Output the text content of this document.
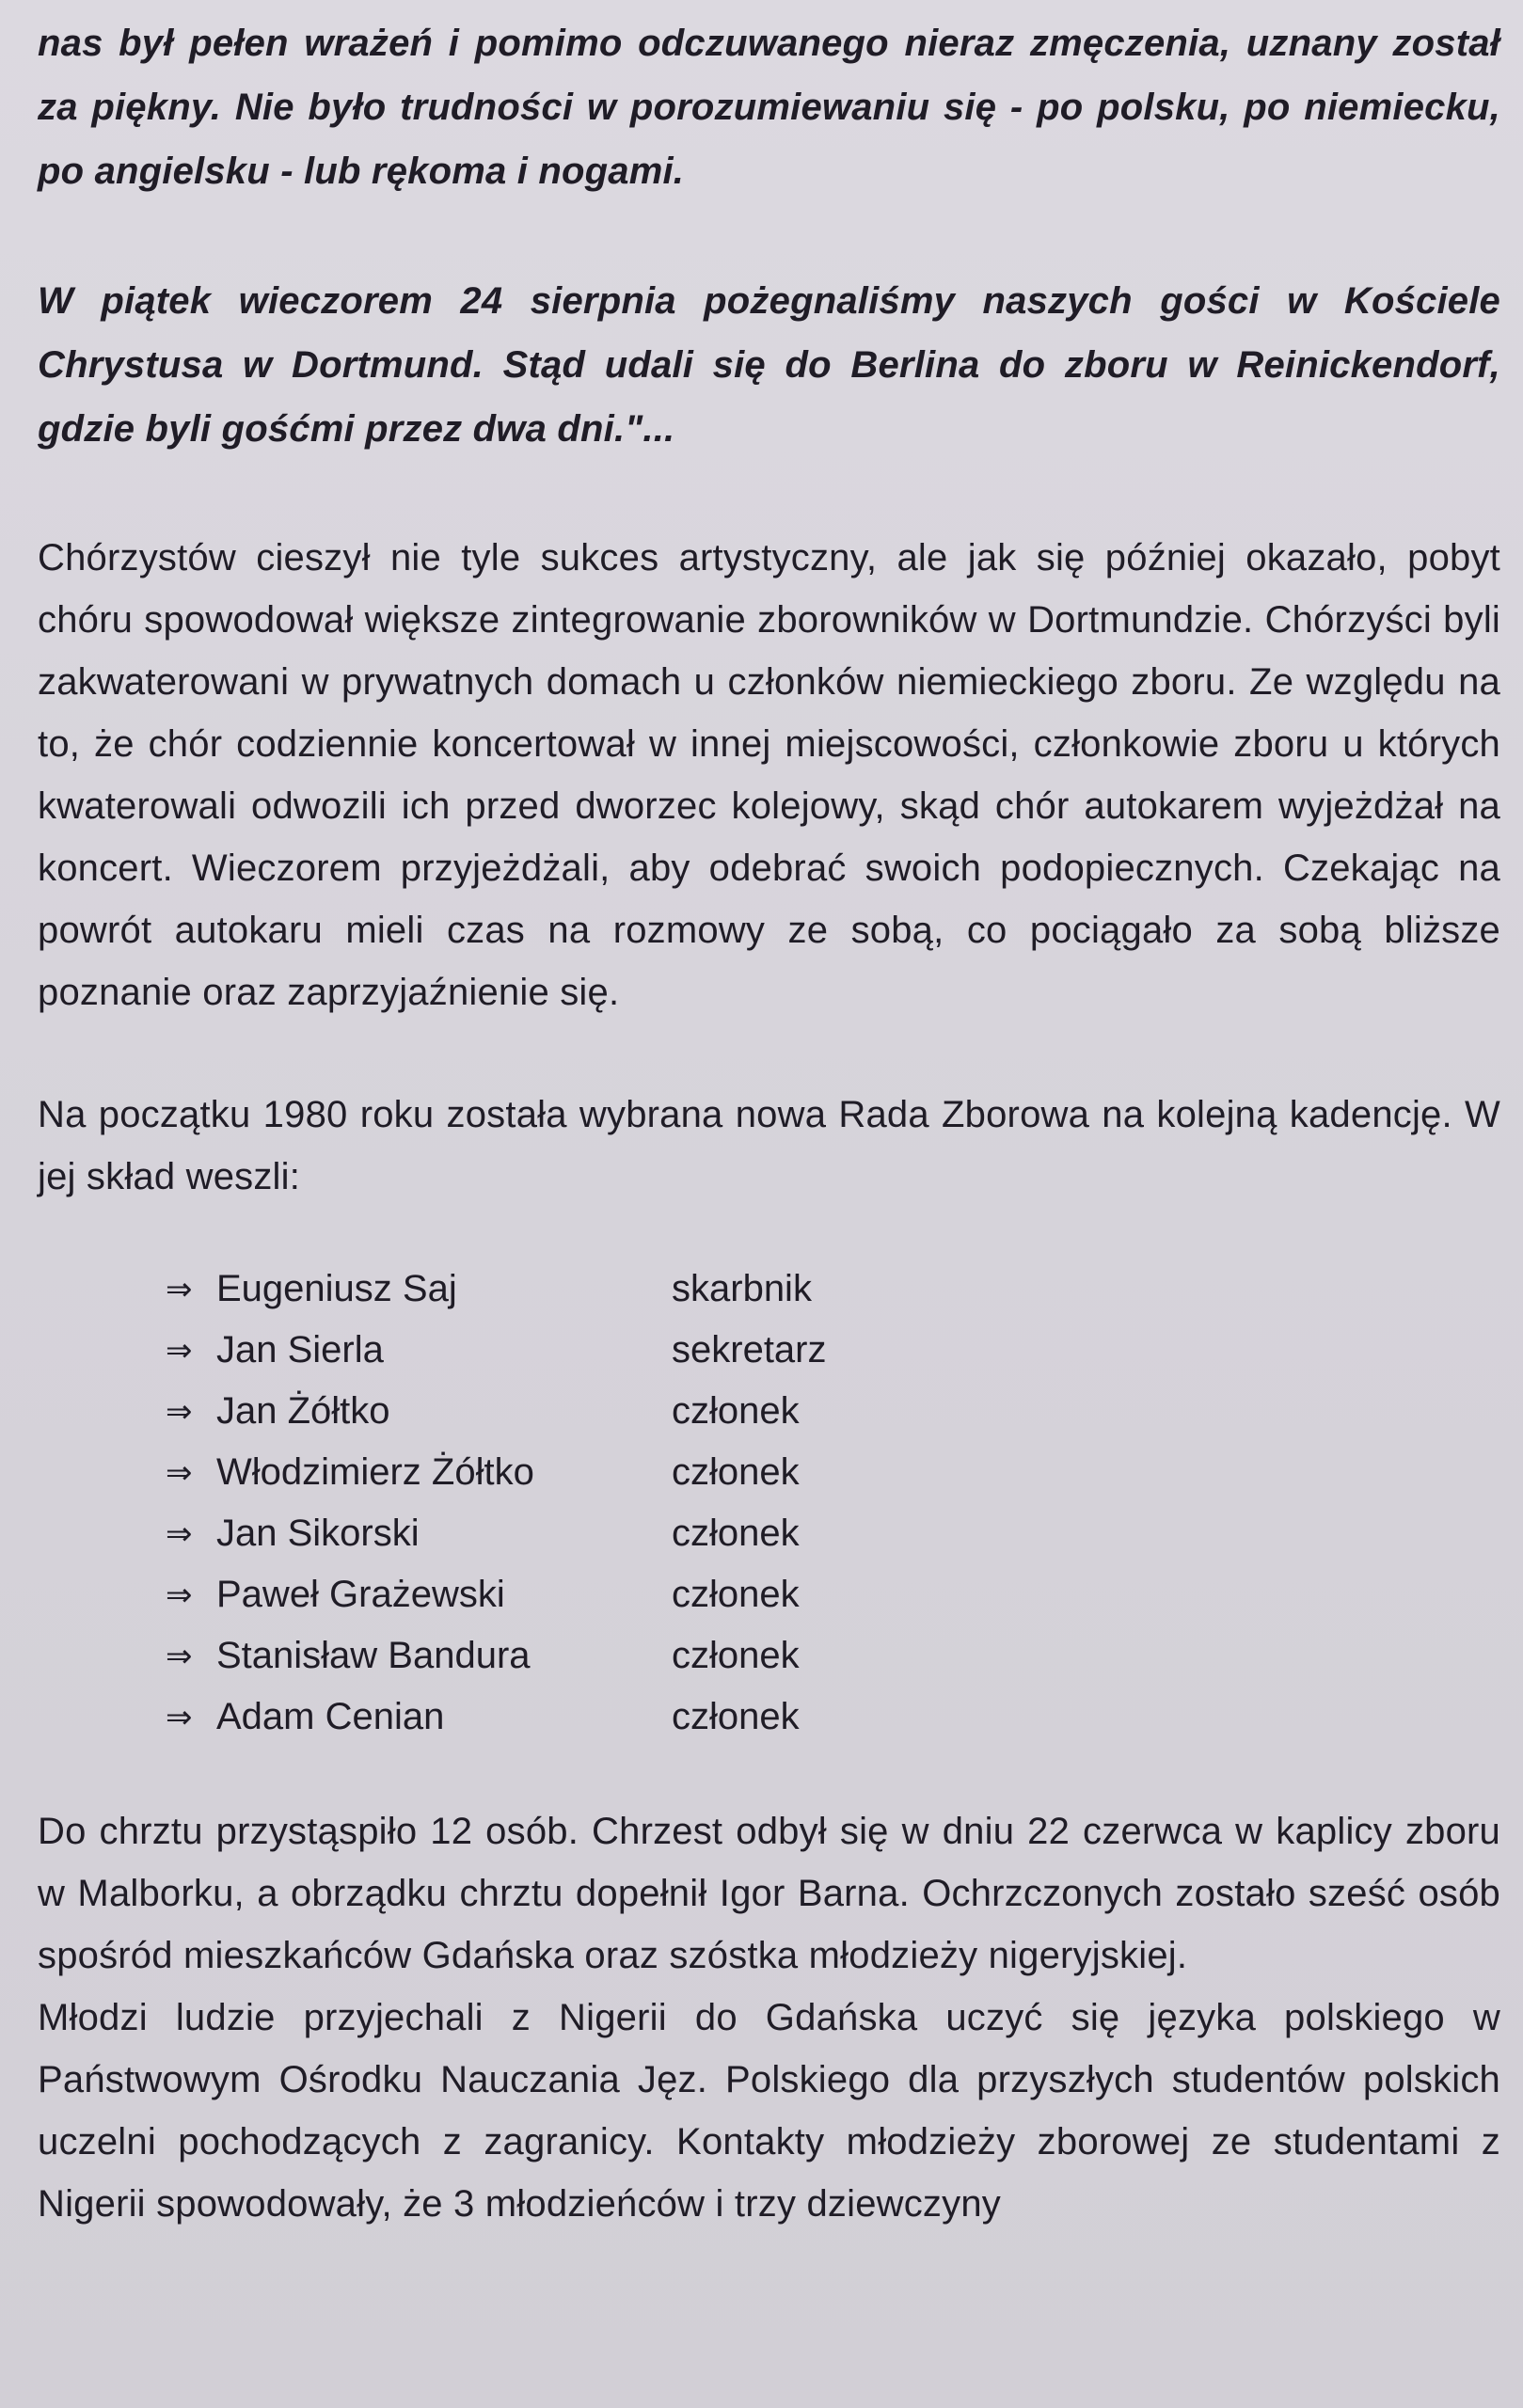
nas był pełen wrażeń i pomimo odczuwanego nieraz zmęczenia, uznany został za piękny. Nie było trudności w porozumiewaniu się - po polsku, po niemiecku, po angielsku - lub rękoma i nogami.

W piątek wieczorem 24 sierpnia pożegnaliśmy naszych gości w Kościele Chrystusa w Dortmund. Stąd udali się do Berlina do zboru w Reinickendorf, gdzie byli gośćmi przez dwa dni."...

Chórzystów cieszył nie tyle sukces artystyczny, ale jak się później okazało, pobyt chóru spowodował większe zintegrowanie zborowników w Dortmundzie. Chórzyści byli zakwaterowani w prywatnych domach u członków niemieckiego zboru. Ze względu na to, że chór codziennie koncertował w innej miejscowości, członkowie zboru u których kwaterowali odwozili ich przed dworzec kolejowy, skąd chór autokarem wyjeżdżał na koncert. Wieczorem przyjeżdżali, aby odebrać swoich podopiecznych. Czekając na powrót autokaru mieli czas na rozmowy ze sobą, co pociągało za sobą bliższe poznanie oraz zaprzyjaźnienie się.

Na początku 1980 roku została wybrana nowa Rada Zborowa na kolejną kadencję. W jej skład weszli:

⇒ Eugeniusz Saj	skarbnik
⇒ Jan Sierla	sekretarz
⇒ Jan Żółtko	członek
⇒ Włodzimierz Żółtko	członek
⇒ Jan Sikorski	członek
⇒ Paweł Grażewski	członek
⇒ Stanisław Bandura	członek
⇒ Adam Cenian	członek

Do chrztu przystąspiło 12 osób. Chrzest odbył się w dniu 22 czerwca w kaplicy zboru w Malborku, a obrządku chrztu dopełnił Igor Barna. Ochrzczonych zostało sześć osób spośród mieszkańców Gdańska oraz szóstka młodzieży nigeryjskiej.

Młodzi ludzie przyjechali z Nigerii do Gdańska uczyć się języka polskiego w Państwowym Ośrodku Nauczania Jęz. Polskiego dla przyszłych studentów polskich uczelni pochodzących z zagranicy. Kontakty młodzieży zborowej ze studentami z Nigerii spowodowały, że 3 młodzieńców i trzy dziewczyny
